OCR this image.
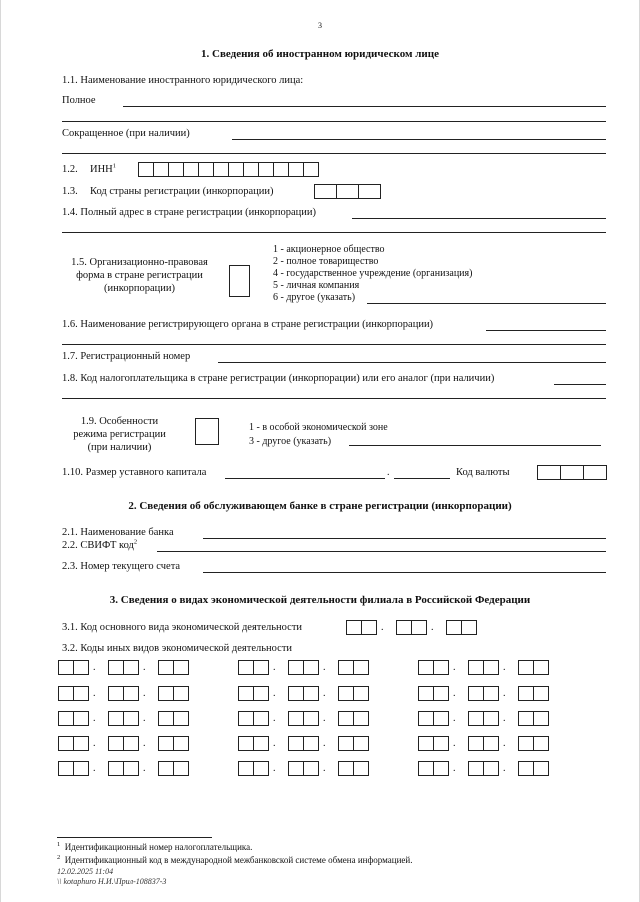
3
1. Сведения об иностранном юридическом лице
1.1. Наименование иностранного юридического лица:
Полное
Сокращенное (при наличии)
1.2. ИНН$^1$
1.3. Код страны регистрации (инкорпорации)
1.4. Полный адрес в стране регистрации (инкорпорации)
1.5. Организационно-правовая
форма в стране регистрации
(инкорпорации)
1 - акционерное общество
2 - полное товарищество
4 - государственное учреждение (организация)
5 - личная компания
6 - другое (указать)
1.6. Наименование регистрирующего органа в стране регистрации (инкорпорации)
1.7. Регистрационный номер
1.8. Код налогоплательщика в стране регистрации (инкорпорации) или его аналог (при наличии)
1.9. Особенности
режима регистрации
(при наличии)
1 - в особой экономической зоне
3 - другое (указать)
1.10. Размер уставного капитала	.	Код валюты
2. Сведения об обслуживающем банке в стране регистрации (инкорпорации)
2.1. Наименование банка
2.2. СВИФТ код$^2$
2.3. Номер текущего счета
3. Сведения о видах экономической деятельности филиала в Российской Федерации
3.1. Код основного вида экономической деятельности	.	.
3.2. Коды иных видов экономической деятельности
.	.	.	.	.	.
.	.	.	.	.	.
.	.	.	.	.	.
.	.	.	.	.	.
.	.	.	.	.	.
$^1$ Идентификационный номер налогоплательщика.
$^2$ Идентификационный код в международной межбанковской системе обмена информацией.
12.02.2025 11:04
\\ kotaphuro Н.И.\Прил-108837-3
